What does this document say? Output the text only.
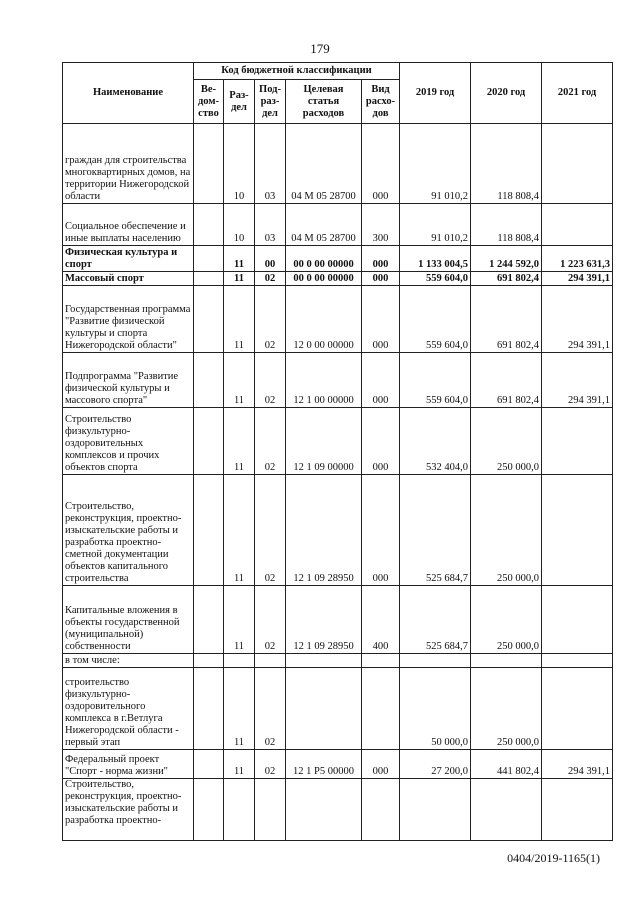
179
Наименование	Код бюджетной классификации					2019 год	2020 год	2021 год
	Ве-дом-ство	Раз-дел	Под-раз-дел	Целевая статья расходов	Вид расхо-дов			
граждан для строительства многоквартирных домов, на территории Нижегородской области		10	03	04 М 05 28700	000	91 010,2	118 808,4	
Социальное обеспечение и иные выплаты населению		10	03	04 М 05 28700	300	91 010,2	118 808,4	
Физическая культура и спорт		11	00	00 0 00 00000	000	1 133 004,5	1 244 592,0	1 223 631,3
Массовый спорт		11	02	00 0 00 00000	000	559 604,0	691 802,4	294 391,1
Государственная программа "Развитие физической культуры и спорта Нижегородской области"		11	02	12 0 00 00000	000	559 604,0	691 802,4	294 391,1
Подпрограмма "Развитие физической культуры и массового спорта"		11	02	12 1 00 00000	000	559 604,0	691 802,4	294 391,1
Строительство физкультурно-оздоровительных комплексов и прочих объектов спорта		11	02	12 1 09 00000	000	532 404,0	250 000,0	
Строительство, реконструкция, проектно-изыскательские работы и разработка проектно-сметной документации объектов капитального строительства		11	02	12 1 09 28950	000	525 684,7	250 000,0	
Капитальные вложения в объекты государственной (муниципальной) собственности		11	02	12 1 09 28950	400	525 684,7	250 000,0	
в том числе:								
строительство физкультурно-оздоровительного комплекса в г.Ветлуга Нижегородской области - первый этап		11	02			50 000,0	250 000,0	
Федеральный проект "Спорт - норма жизни"		11	02	12 1 P5 00000	000	27 200,0	441 802,4	294 391,1
Строительство, реконструкция, проектно-изыскательские работы и разработка проектно-								
0404/2019-1165(1)
